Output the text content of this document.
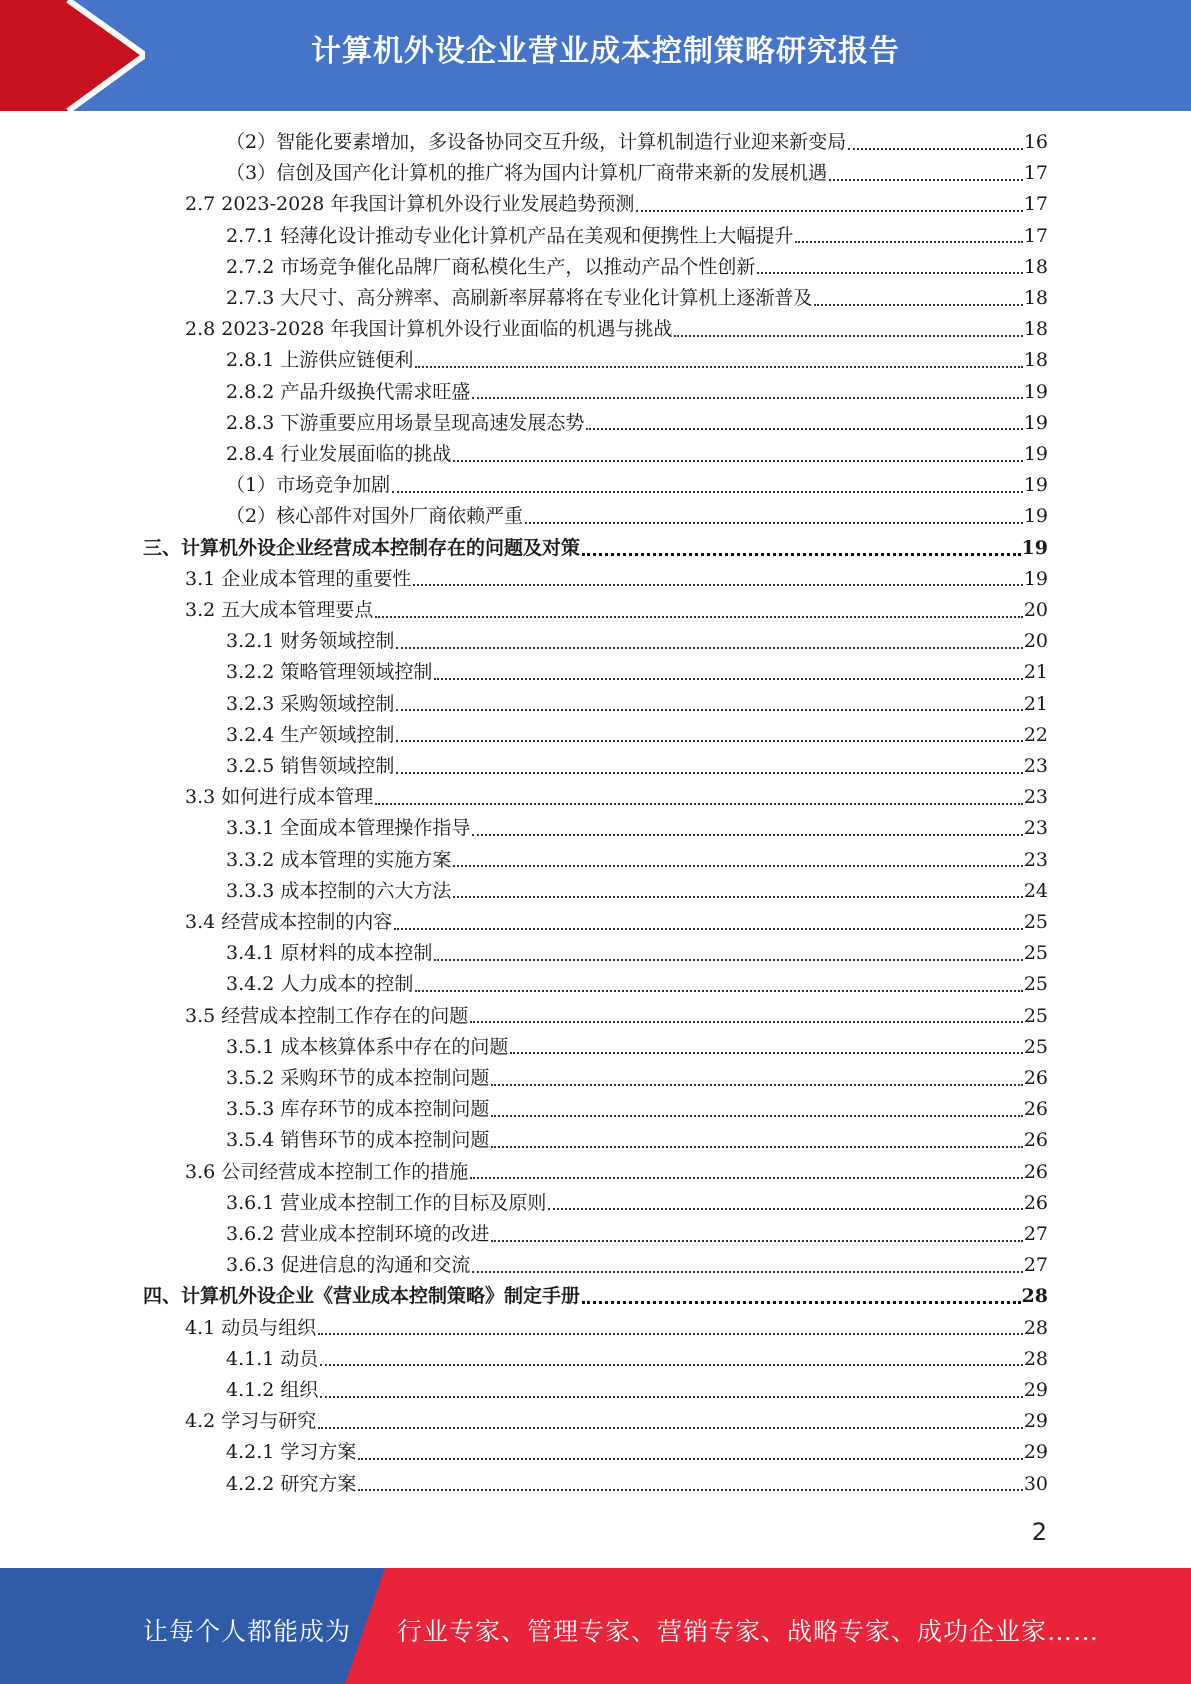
计算机外设企业营业成本控制策略研究报告
（2）智能化要素增加，多设备协同交互升级，计算机制造行业迎来新变局	16
（3）信创及国产化计算机的推广将为国内计算机厂商带来新的发展机遇	17
2.7 2023-2028 年我国计算机外设行业发展趋势预测	17
2.7.1 轻薄化设计推动专业化计算机产品在美观和便携性上大幅提升	17
2.7.2 市场竞争催化品牌厂商私模化生产，以推动产品个性创新	18
2.7.3 大尺寸、高分辨率、高刷新率屏幕将在专业化计算机上逐渐普及	18
2.8 2023-2028 年我国计算机外设行业面临的机遇与挑战	18
2.8.1 上游供应链便利	18
2.8.2 产品升级换代需求旺盛	19
2.8.3 下游重要应用场景呈现高速发展态势	19
2.8.4 行业发展面临的挑战	19
（1）市场竞争加剧	19
（2）核心部件对国外厂商依赖严重	19
三、计算机外设企业经营成本控制存在的问题及对策	19
3.1 企业成本管理的重要性	19
3.2 五大成本管理要点	20
3.2.1 财务领域控制	20
3.2.2 策略管理领域控制	21
3.2.3 采购领域控制	21
3.2.4 生产领域控制	22
3.2.5 销售领域控制	23
3.3 如何进行成本管理	23
3.3.1 全面成本管理操作指导	23
3.3.2 成本管理的实施方案	23
3.3.3 成本控制的六大方法	24
3.4 经营成本控制的内容	25
3.4.1 原材料的成本控制	25
3.4.2 人力成本的控制	25
3.5 经营成本控制工作存在的问题	25
3.5.1 成本核算体系中存在的问题	25
3.5.2 采购环节的成本控制问题	26
3.5.3 库存环节的成本控制问题	26
3.5.4 销售环节的成本控制问题	26
3.6 公司经营成本控制工作的措施	26
3.6.1 营业成本控制工作的目标及原则	26
3.6.2 营业成本控制环境的改进	27
3.6.3 促进信息的沟通和交流	27
四、计算机外设企业《营业成本控制策略》制定手册	28
4.1 动员与组织	28
4.1.1 动员	28
4.1.2 组织	29
4.2 学习与研究	29
4.2.1 学习方案	29
4.2.2 研究方案	30
2
让每个人都能成为 行业专家、管理专家、营销专家、战略专家、成功企业家……
